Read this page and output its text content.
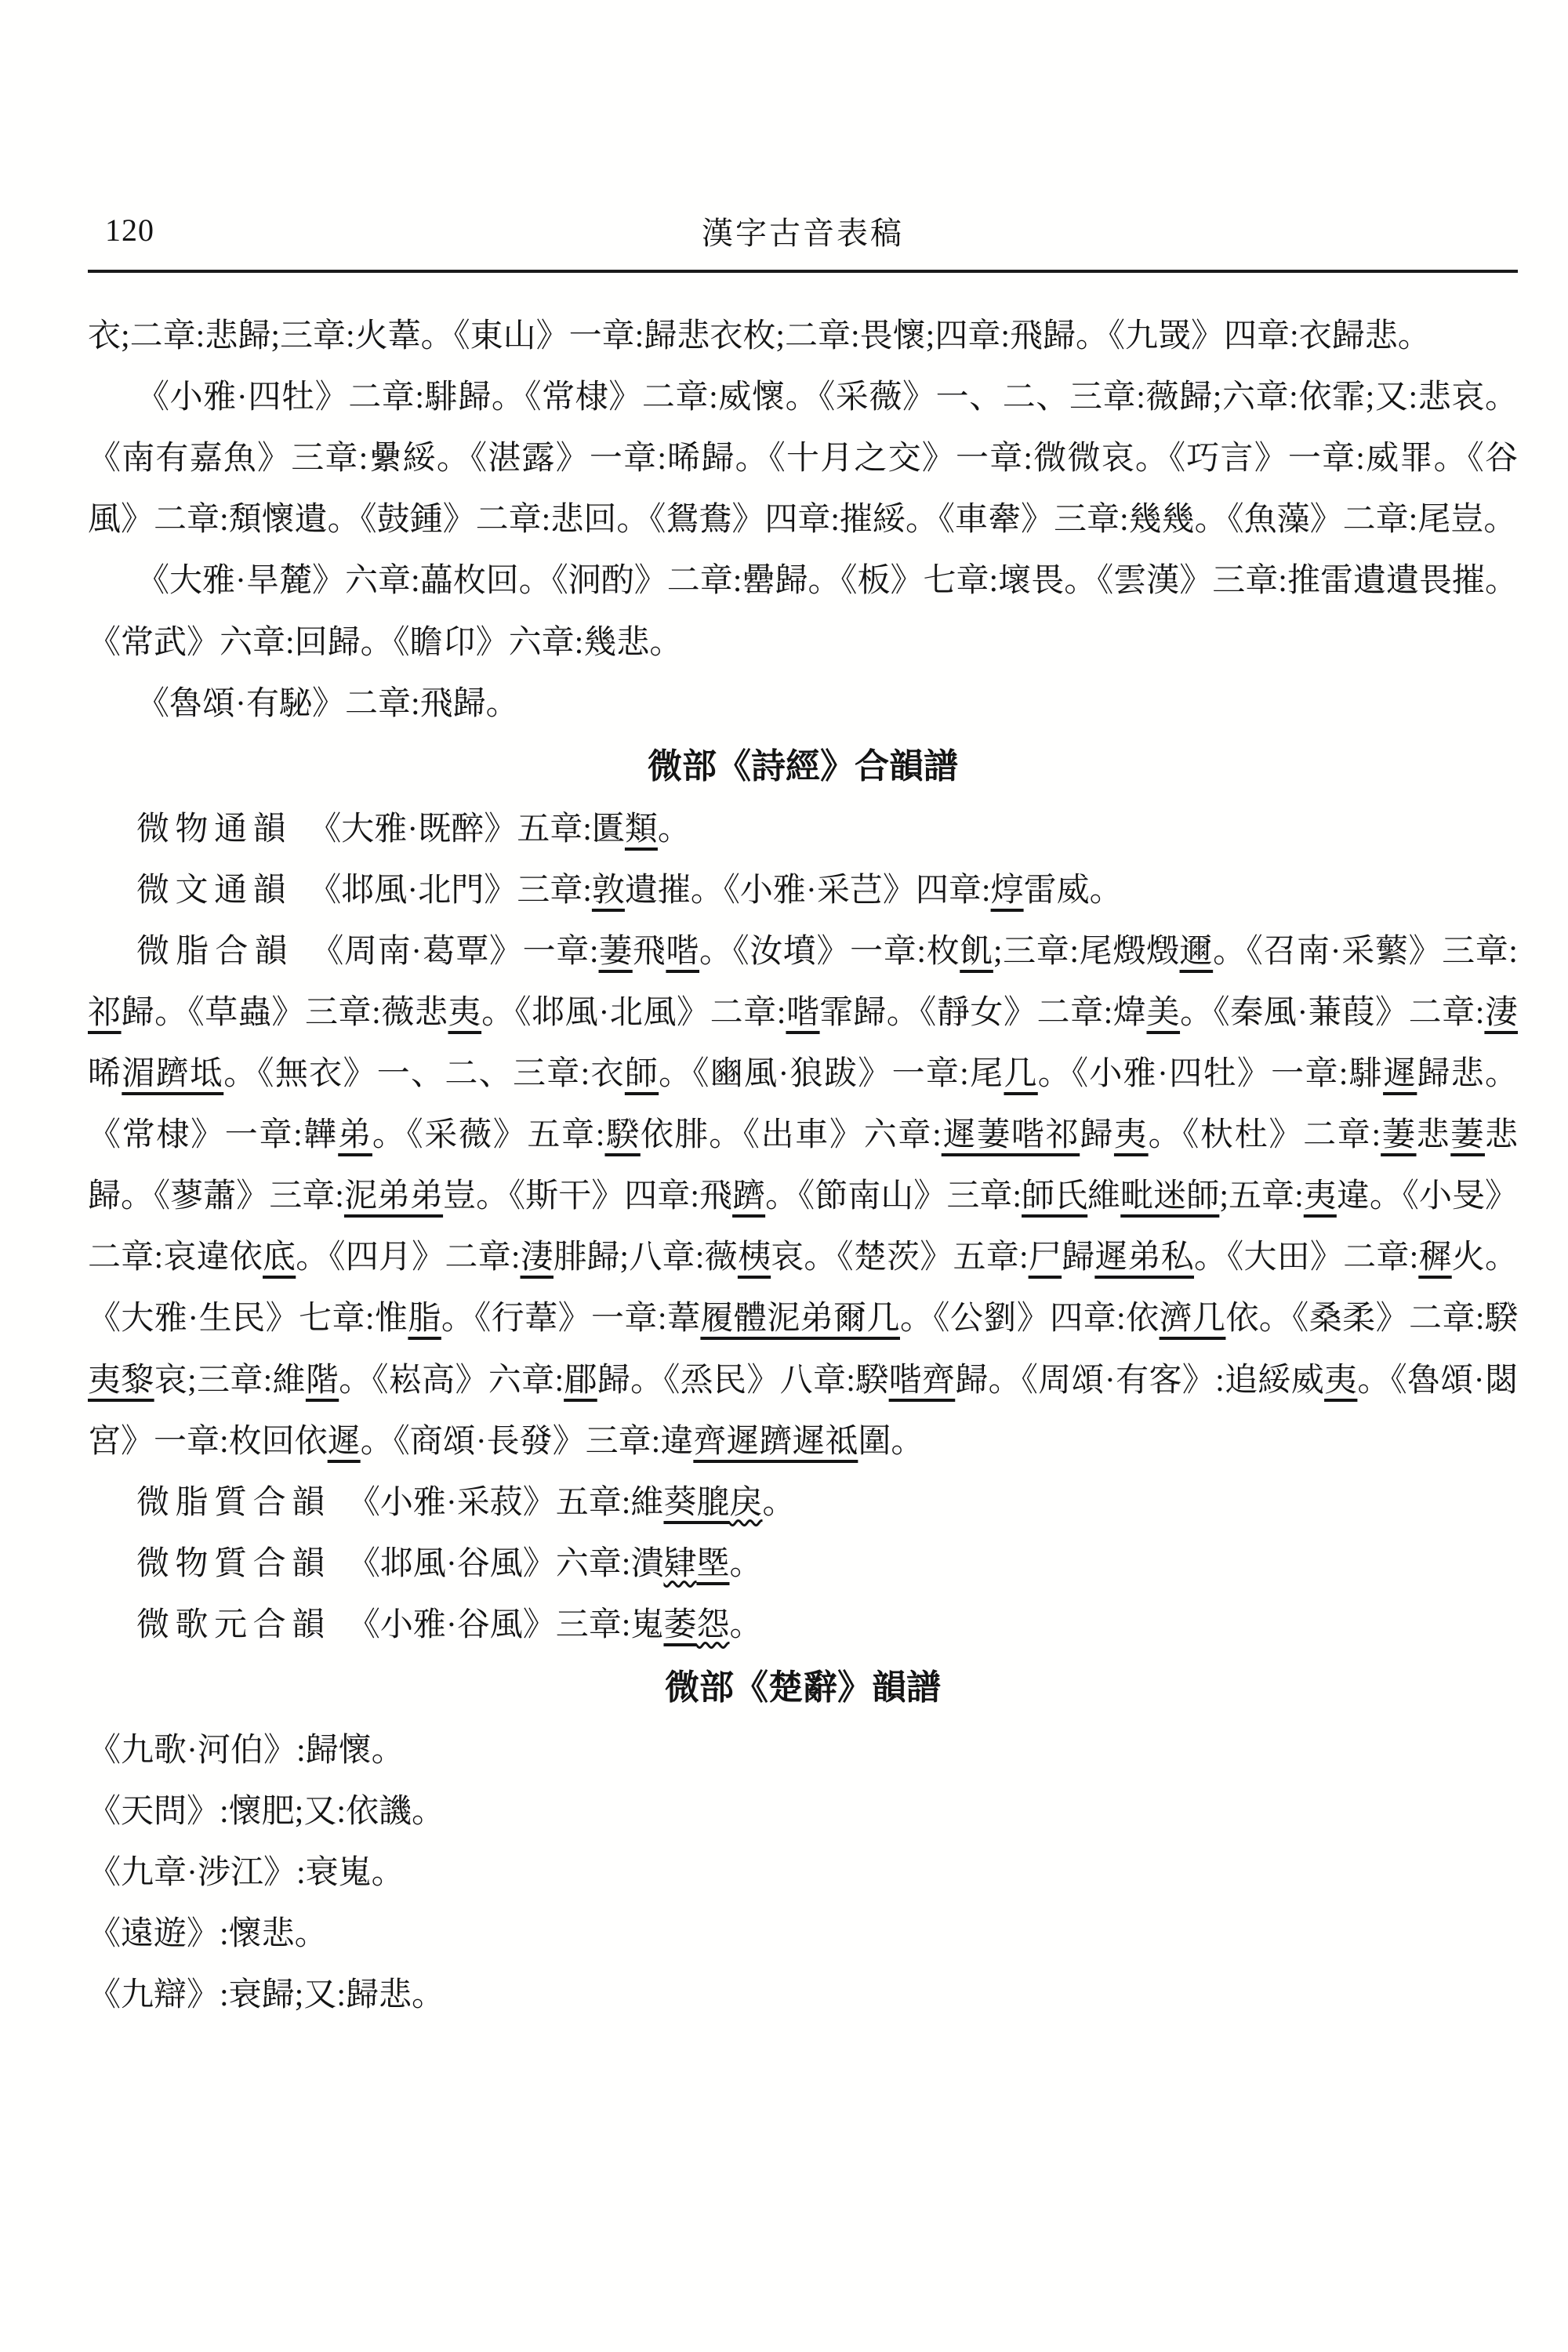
120	漢字古音表稿

衣;二章:悲歸;三章:火葦。《東山》一章:歸悲衣枚;二章:畏懷;四章:飛歸。《九罭》四章:衣歸悲。

《小雅·四牡》二章:騑歸。《常棣》二章:威懷。《采薇》一、二、三章:薇歸;六章:依霏;又:悲哀。《南有嘉魚》三章:纍綏。《湛露》一章:晞歸。《十月之交》一章:微微哀。《巧言》一章:威罪。《谷風》二章:頽懷遺。《鼓鍾》二章:悲回。《鴛鴦》四章:摧綏。《車舝》三章:幾幾。《魚藻》二章:尾豈。

《大雅·旱麓》六章:藟枚回。《泂酌》二章:罍歸。《板》七章:壞畏。《雲漢》三章:推雷遺遺畏摧。《常武》六章:回歸。《瞻卬》六章:幾悲。

《魯頌·有駜》二章:飛歸。

微部《詩經》合韻譜

微物通韻　《大雅·既醉》五章:匱類。

微文通韻　《邶風·北門》三章:敦遺摧。《小雅·采芑》四章:焞雷威。

微脂合韻　《周南·葛覃》一章:萋飛喈。《汝墳》一章:枚飢;三章:尾燬燬邇。《召南·采蘩》三章:祁歸。《草蟲》三章:薇悲夷。《邶風·北風》二章:喈霏歸。《靜女》二章:煒美。《秦風·蒹葭》二章:淒晞湄躋坻。《無衣》一、二、三章:衣師。《豳風·狼跋》一章:尾几。《小雅·四牡》一章:騑遲歸悲。《常棣》一章:韡弟。《采薇》五章:騤依腓。《出車》六章:遲萋喈祁歸夷。《杕杜》二章:萋悲萋悲歸。《蓼蕭》三章:泥弟弟豈。《斯干》四章:飛躋。《節南山》三章:師氏維毗迷師;五章:夷違。《小旻》二章:哀違依底。《四月》二章:淒腓歸;八章:薇桋哀。《楚茨》五章:尸歸遲弟私。《大田》二章:穉火。《大雅·生民》七章:惟脂。《行葦》一章:葦履體泥弟爾几。《公劉》四章:依濟几依。《桑柔》二章:騤夷黎哀;三章:維階。《崧高》六章:郿歸。《烝民》八章:騤喈齊歸。《周頌·有客》:追綏威夷。《魯頌·閟宮》一章:枚回依遲。《商頌·長發》三章:違齊遲躋遲祗圍。

微脂質合韻　《小雅·采菽》五章:維葵膍戾。

微物質合韻　《邶風·谷風》六章:潰肄塈。

微歌元合韻　《小雅·谷風》三章:嵬萎怨。

微部《楚辭》韻譜

《九歌·河伯》:歸懷。

《天問》:懷肥;又:依譏。

《九章·涉江》:衰嵬。

《遠遊》:懷悲。

《九辯》:衰歸;又:歸悲。
